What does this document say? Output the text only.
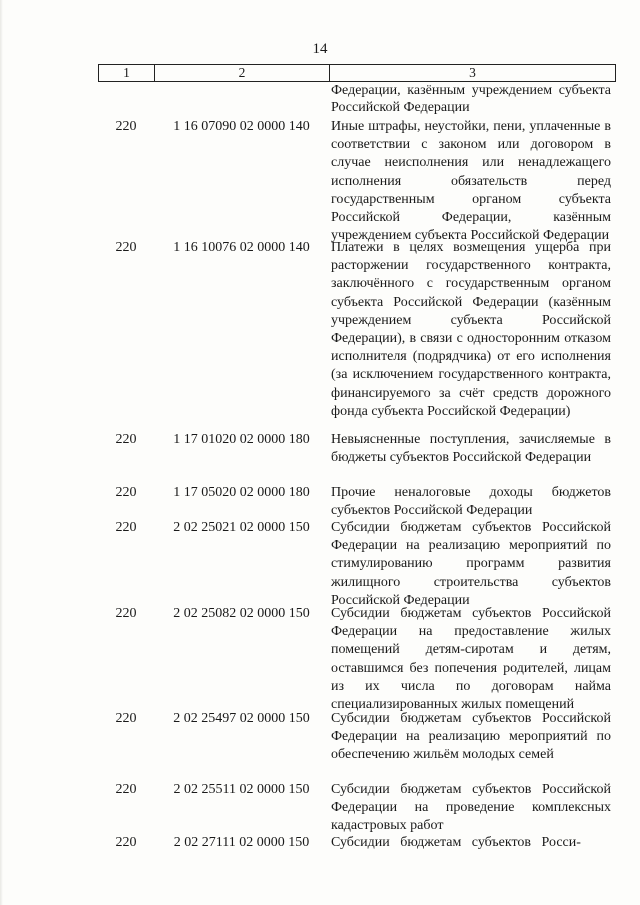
14
1	2	3
Федерации, казённым учреждением субъекта Российской Федерации
220	1 16 07090 02 0000 140	Иные штрафы, неустойки, пени, уплаченные в соответствии с законом или договором в случае неисполнения или ненадлежащего исполнения обязательств перед государственным органом субъекта Российской Федерации, казённым учреждением субъекта Российской Федерации
220	1 16 10076 02 0000 140	Платежи в целях возмещения ущерба при расторжении государственного контракта, заключённого с государственным органом субъекта Российской Федерации (казённым учреждением субъекта Российской Федерации), в связи с односторонним отказом исполнителя (подрядчика) от его исполнения (за исключением государственного контракта, финансируемого за счёт средств дорожного фонда субъекта Российской Федерации)
220	1 17 01020 02 0000 180	Невыясненные поступления, зачисляемые в бюджеты субъектов Российской Федерации
220	1 17 05020 02 0000 180	Прочие неналоговые доходы бюджетов субъектов Российской Федерации
220	2 02 25021 02 0000 150	Субсидии бюджетам субъектов Российской Федерации на реализацию мероприятий по стимулированию программ развития жилищного строительства субъектов Российской Федерации
220	2 02 25082 02 0000 150	Субсидии бюджетам субъектов Российской Федерации на предоставление жилых помещений детям-сиротам и детям, оставшимся без попечения родителей, лицам из их числа по договорам найма специализированных жилых помещений
220	2 02 25497 02 0000 150	Субсидии бюджетам субъектов Российской Федерации на реализацию мероприятий по обеспечению жильём молодых семей
220	2 02 25511 02 0000 150	Субсидии бюджетам субъектов Российской Федерации на проведение комплексных кадастровых работ
220	2 02 27111 02 0000 150	Субсидии бюджетам субъектов Росси-
